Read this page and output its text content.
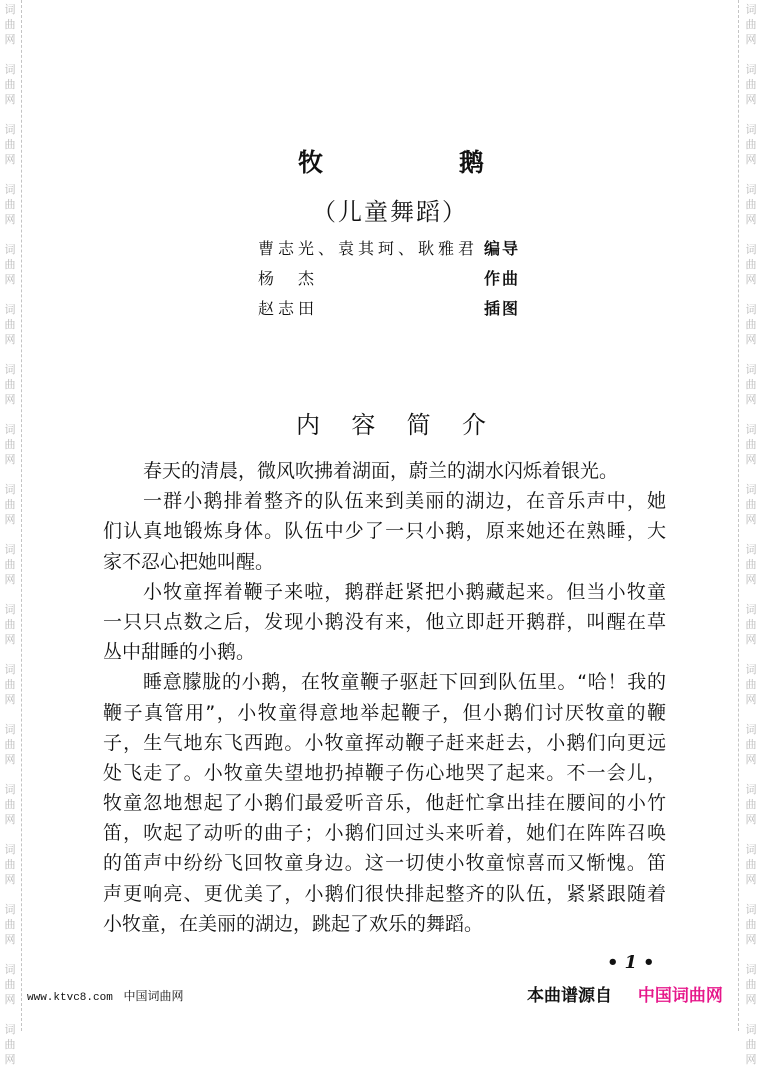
词
曲
网
词
曲
网
词
曲
网
词
曲
网
词
曲
网
词
曲
网
词
曲
网
词
曲
网
词
曲
网
词
曲
网
词
曲
网
词
曲
网
词
曲
网
词
曲
网
词
曲
网
词
曲
网
词
曲
网
词
曲
网
词
曲
网
词
曲
网
词
曲
网
词
曲
网
词
曲
网
词
曲
网
词
曲
网
词
曲
网
词
曲
网
词
曲
网
词
曲
网
词
曲
网
词
曲
网
词
曲
网
词
曲
网
词
曲
网
词
曲
网
词
曲
网
牧	鹅
（儿童舞蹈）
曹志光、袁其珂、耿雅君 编导
杨　杰	作曲
赵志田	插图
内 容 简 介
春天的清晨，微风吹拂着湖面，蔚兰的湖水闪烁着银光。
一群小鹅排着整齐的队伍来到美丽的湖边，在音乐声中，她
们认真地锻炼身体。队伍中少了一只小鹅，原来她还在熟睡，大
家不忍心把她叫醒。
小牧童挥着鞭子来啦，鹅群赶紧把小鹅藏起来。但当小牧童
一只只点数之后，发现小鹅没有来，他立即赶开鹅群，叫醒在草
丛中甜睡的小鹅。
睡意朦胧的小鹅，在牧童鞭子驱赶下回到队伍里。“哈！我的
鞭子真管用”，小牧童得意地举起鞭子，但小鹅们讨厌牧童的鞭
子，生气地东飞西跑。小牧童挥动鞭子赶来赶去，小鹅们向更远
处飞走了。小牧童失望地扔掉鞭子伤心地哭了起来。不一会儿，
牧童忽地想起了小鹅们最爱听音乐，他赶忙拿出挂在腰间的小竹
笛，吹起了动听的曲子；小鹅们回过头来听着，她们在阵阵召唤
的笛声中纷纷飞回牧童身边。这一切使小牧童惊喜而又惭愧。笛
声更响亮、更优美了，小鹅们很快排起整齐的队伍，紧紧跟随着
小牧童，在美丽的湖边，跳起了欢乐的舞蹈。
•1•
www.ktvc8.com 中国词曲网	本曲谱源自 中国词曲网
